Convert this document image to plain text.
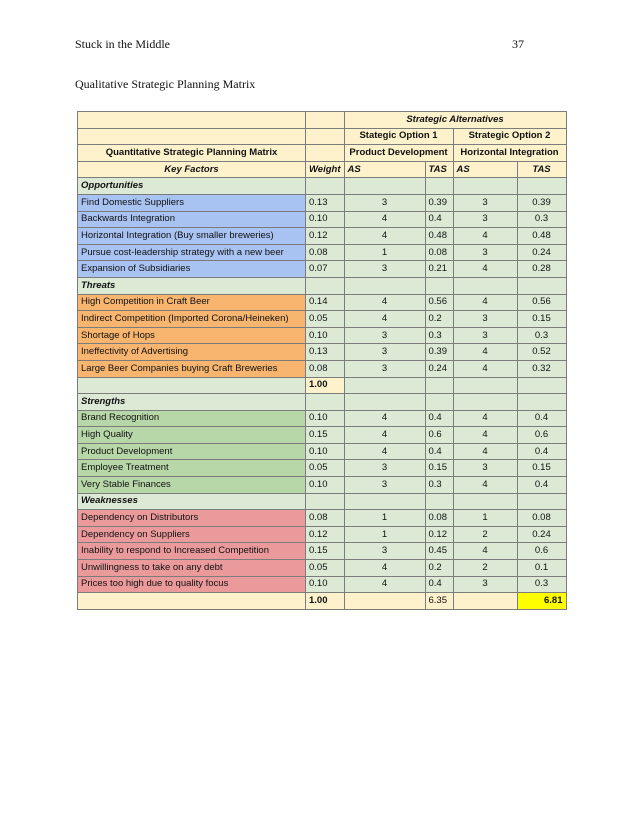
Stuck in the Middle	37
Qualitative Strategic Planning Matrix
		Strategic Alternatives			
		Stategic Option 1		Strategic Option 2	
Quantitative Strategic Planning Matrix		Product Development		Horizontal Integration	
Key Factors	Weight	AS	TAS	AS	TAS
Opportunities					
Find Domestic Suppliers	0.13	3	0.39	3	0.39
Backwards Integration	0.10	4	0.4	3	0.3
Horizontal Integration (Buy smaller breweries)	0.12	4	0.48	4	0.48
Pursue cost-leadership strategy with a new beer	0.08	1	0.08	3	0.24
Expansion of Subsidiaries	0.07	3	0.21	4	0.28
Threats					
High Competition in Craft Beer	0.14	4	0.56	4	0.56
Indirect Competition (Imported Corona/Heineken)	0.05	4	0.2	3	0.15
Shortage of Hops	0.10	3	0.3	3	0.3
Ineffectivity of Advertising	0.13	3	0.39	4	0.52
Large Beer Companies buying Craft Breweries	0.08	3	0.24	4	0.32
	1.00				
Strengths					
Brand Recognition	0.10	4	0.4	4	0.4
High Quality	0.15	4	0.6	4	0.6
Product Development	0.10	4	0.4	4	0.4
Employee Treatment	0.05	3	0.15	3	0.15
Very Stable Finances	0.10	3	0.3	4	0.4
Weaknesses					
Dependency on Distributors	0.08	1	0.08	1	0.08
Dependency on Suppliers	0.12	1	0.12	2	0.24
Inability to respond to Increased Competition	0.15	3	0.45	4	0.6
Unwillingness to take on any debt	0.05	4	0.2	2	0.1
Prices too high due to quality focus	0.10	4	0.4	3	0.3
	1.00		6.35		6.81
